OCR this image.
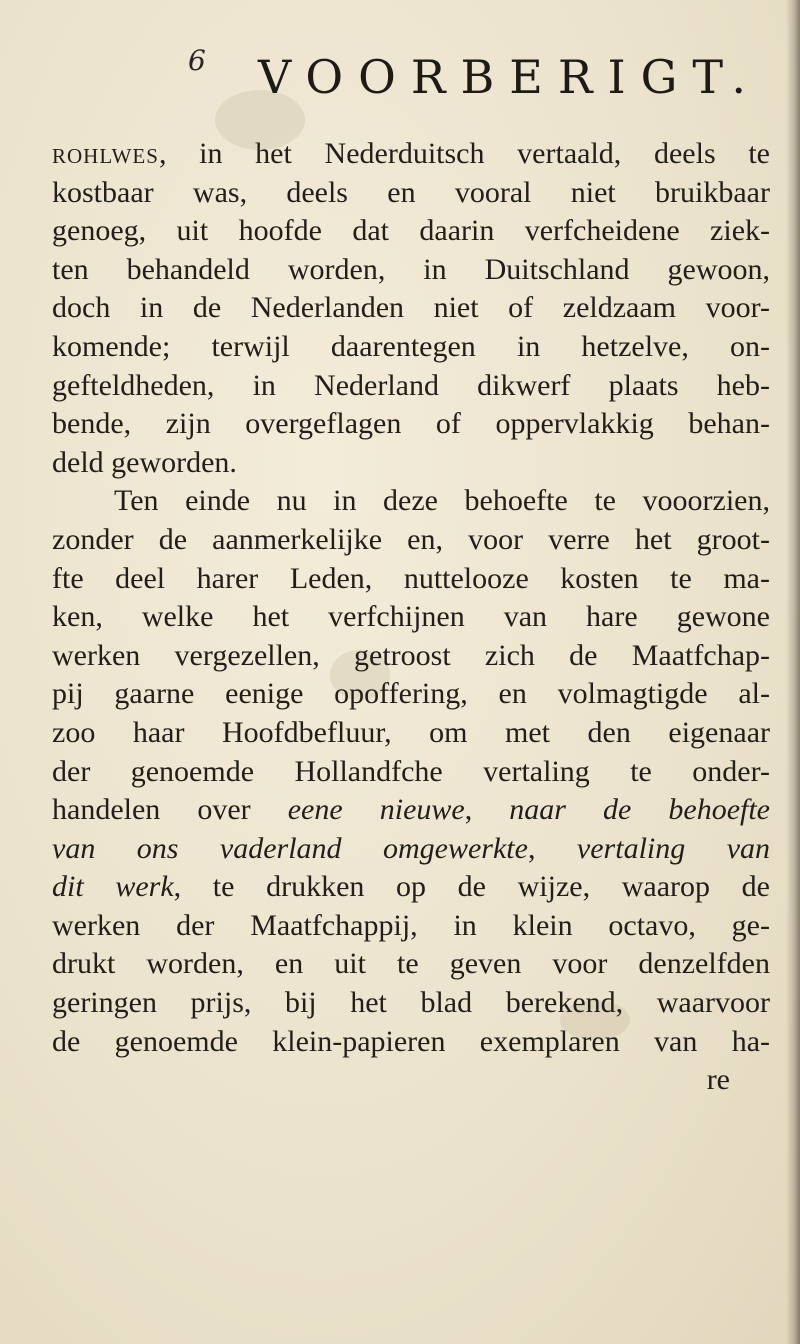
6 VOORBERIGT.
rohlwes, in het Nederduitsch vertaald, deels te
kostbaar was, deels en vooral niet bruikbaar
genoeg, uit hoofde dat daarin verfcheidene ziek-
ten behandeld worden, in Duitschland gewoon,
doch in de Nederlanden niet of zeldzaam voor-
komende; terwijl daarentegen in hetzelve, on-
gefteldheden, in Nederland dikwerf plaats heb-
bende, zijn overgeflagen of oppervlakkig behan-
deld geworden.
Ten einde nu in deze behoefte te vooorzien,
zonder de aanmerkelijke en, voor verre het groot-
fte deel harer Leden, nuttelooze kosten te ma-
ken, welke het verfchijnen van hare gewone
werken vergezellen, getroost zich de Maatfchap-
pij gaarne eenige opoffering, en volmagtigde al-
zoo haar Hoofdbefluur, om met den eigenaar
der genoemde Hollandfche vertaling te onder-
handelen over eene nieuwe, naar de behoefte
van ons vaderland omgewerkte, vertaling van
dit werk, te drukken op de wijze, waarop de
werken der Maatfchappij, in klein octavo, ge-
drukt worden, en uit te geven voor denzelfden
geringen prijs, bij het blad berekend, waarvoor
de genoemde klein-papieren exemplaren van ha-
re
